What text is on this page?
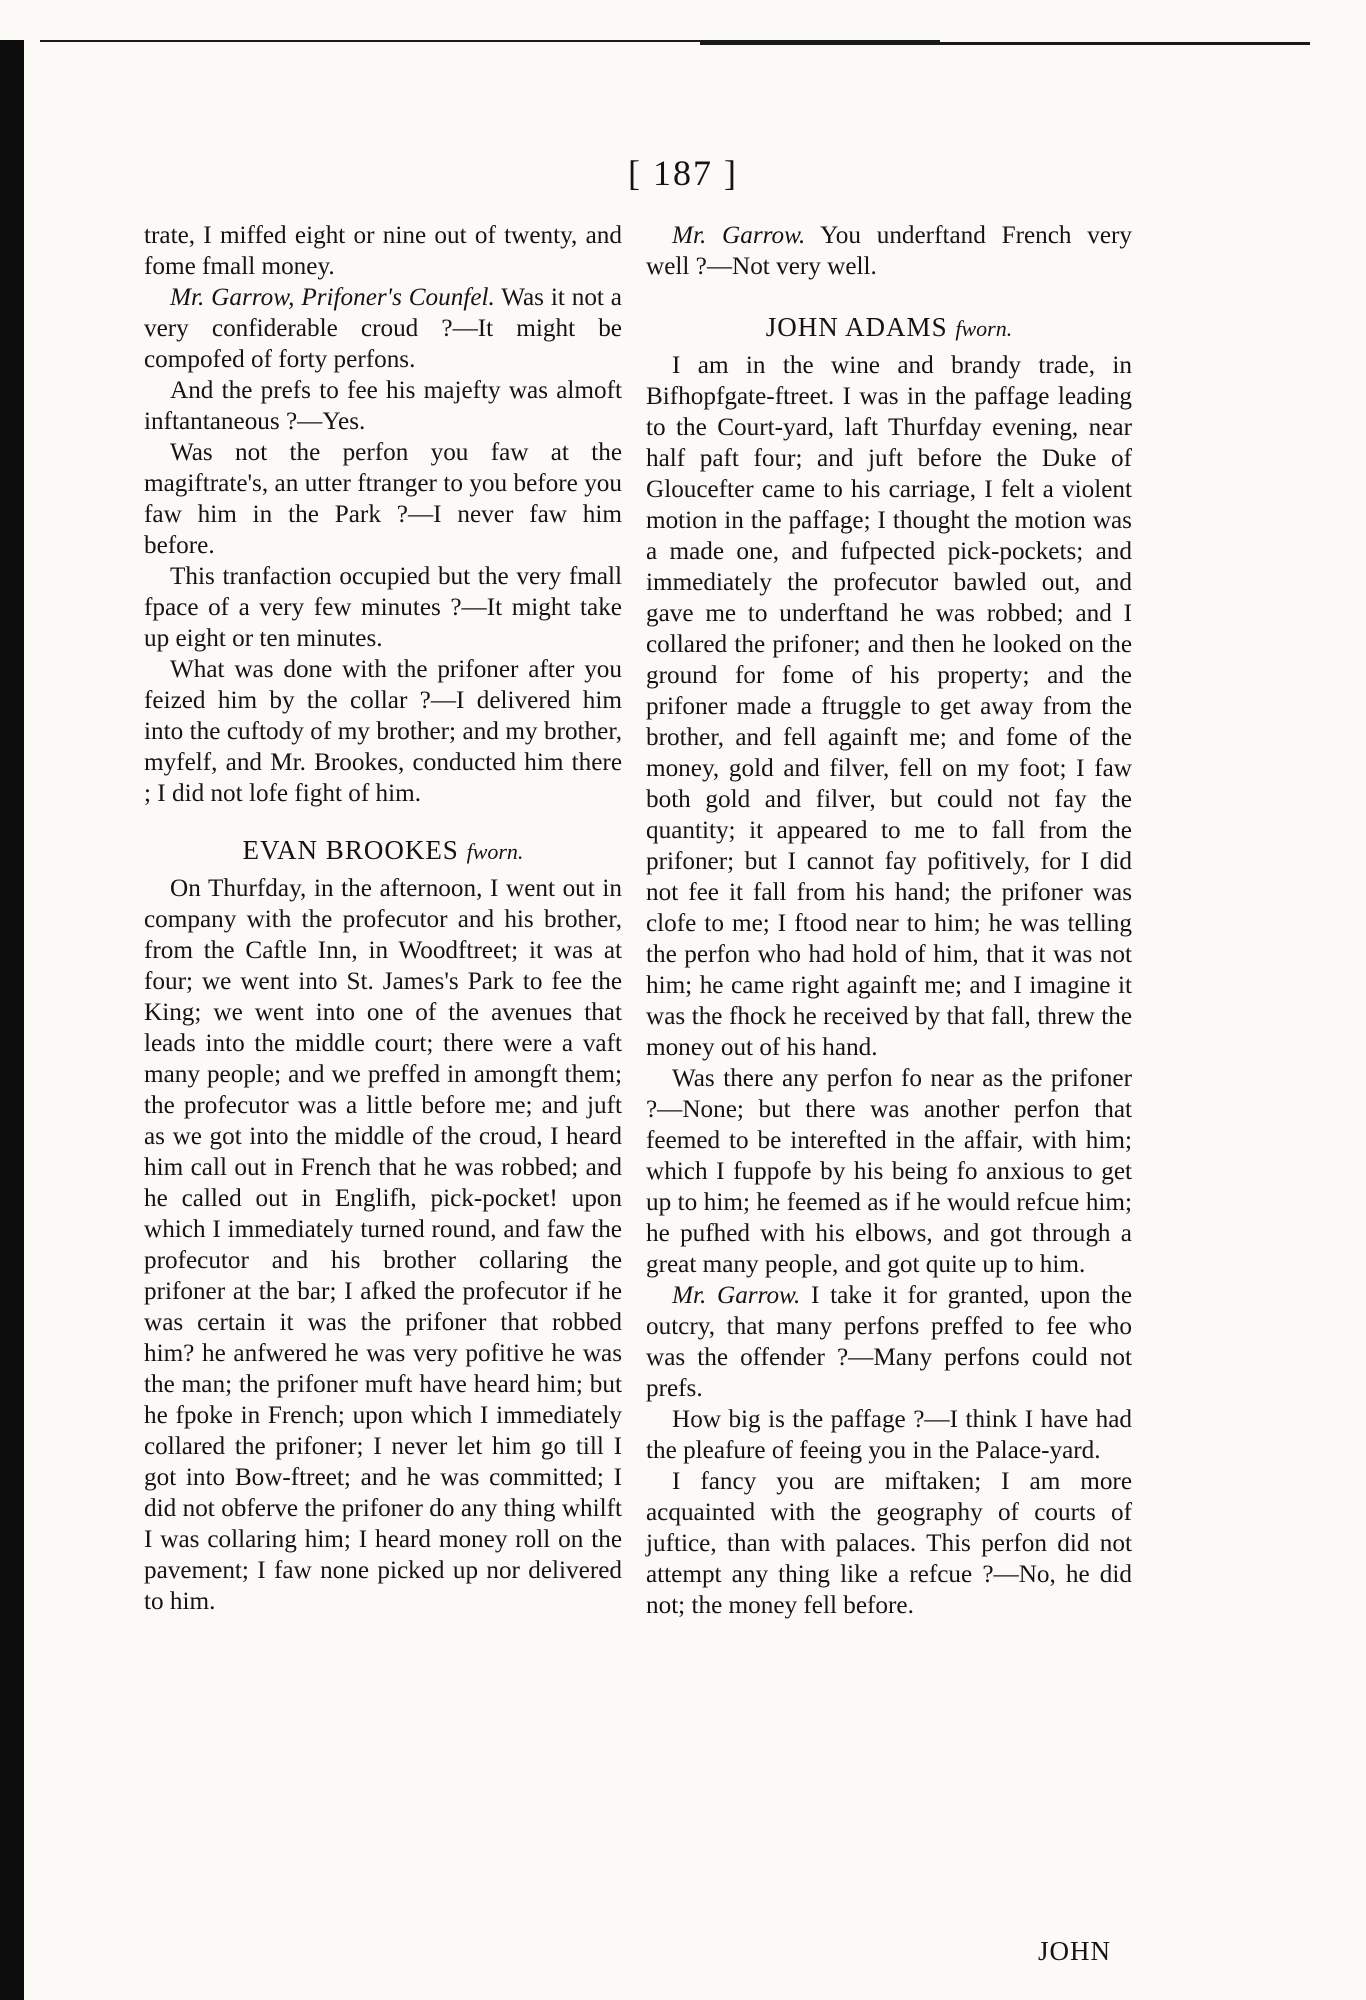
[ 187 ]

trate, I miffed eight or nine out of twenty, and fome fmall money.

Mr. Garrow, Prifoner's Counfel. Was it not a very confiderable croud ?—It might be compofed of forty perfons.

And the prefs to fee his majefty was almoft inftantaneous ?—Yes.

Was not the perfon you faw at the magiftrate's, an utter ftranger to you before you faw him in the Park ?—I never faw him before.

This tranfaction occupied but the very fmall fpace of a very few minutes ?—It might take up eight or ten minutes.

What was done with the prifoner after you feized him by the collar ?—I delivered him into the cuftody of my brother; and my brother, myfelf, and Mr. Brookes, conducted him there ; I did not lofe fight of him.

EVAN BROOKES fworn.

On Thurfday, in the afternoon, I went out in company with the profecutor and his brother, from the Caftle Inn, in Woodftreet; it was at four; we went into St. James's Park to fee the King; we went into one of the avenues that leads into the middle court; there were a vaft many people; and we preffed in amongft them; the profecutor was a little before me; and juft as we got into the middle of the croud, I heard him call out in French that he was robbed; and he called out in Englifh, pick-pocket! upon which I immediately turned round, and faw the profecutor and his brother collaring the prifoner at the bar; I afked the profecutor if he was certain it was the prifoner that robbed him? he anfwered he was very pofitive he was the man; the prifoner muft have heard him; but he fpoke in French; upon which I immediately collared the prifoner; I never let him go till I got into Bow-ftreet; and he was committed; I did not obferve the prifoner do any thing whilft I was collaring him; I heard money roll on the pavement; I faw none picked up nor delivered to him.

Mr. Garrow. You underftand French very well ?—Not very well.

JOHN ADAMS fworn.

I am in the wine and brandy trade, in Bifhopfgate-ftreet. I was in the paffage leading to the Court-yard, laft Thurfday evening, near half paft four; and juft before the Duke of Gloucefter came to his carriage, I felt a violent motion in the paffage; I thought the motion was a made one, and fufpected pick-pockets; and immediately the profecutor bawled out, and gave me to underftand he was robbed; and I collared the prifoner; and then he looked on the ground for fome of his property; and the prifoner made a ftruggle to get away from the brother, and fell againft me; and fome of the money, gold and filver, fell on my foot; I faw both gold and filver, but could not fay the quantity; it appeared to me to fall from the prifoner; but I cannot fay pofitively, for I did not fee it fall from his hand; the prifoner was clofe to me; I ftood near to him; he was telling the perfon who had hold of him, that it was not him; he came right againft me; and I imagine it was the fhock he received by that fall, threw the money out of his hand.

Was there any perfon fo near as the prifoner ?—None; but there was another perfon that feemed to be interefted in the affair, with him; which I fuppofe by his being fo anxious to get up to him; he feemed as if he would refcue him; he pufhed with his elbows, and got through a great many people, and got quite up to him.

Mr. Garrow. I take it for granted, upon the outcry, that many perfons preffed to fee who was the offender ?—Many perfons could not prefs.

How big is the paffage ?—I think I have had the pleafure of feeing you in the Palace-yard.

I fancy you are miftaken; I am more acquainted with the geography of courts of juftice, than with palaces. This perfon did not attempt any thing like a refcue ?—No, he did not; the money fell before.

JOHN
